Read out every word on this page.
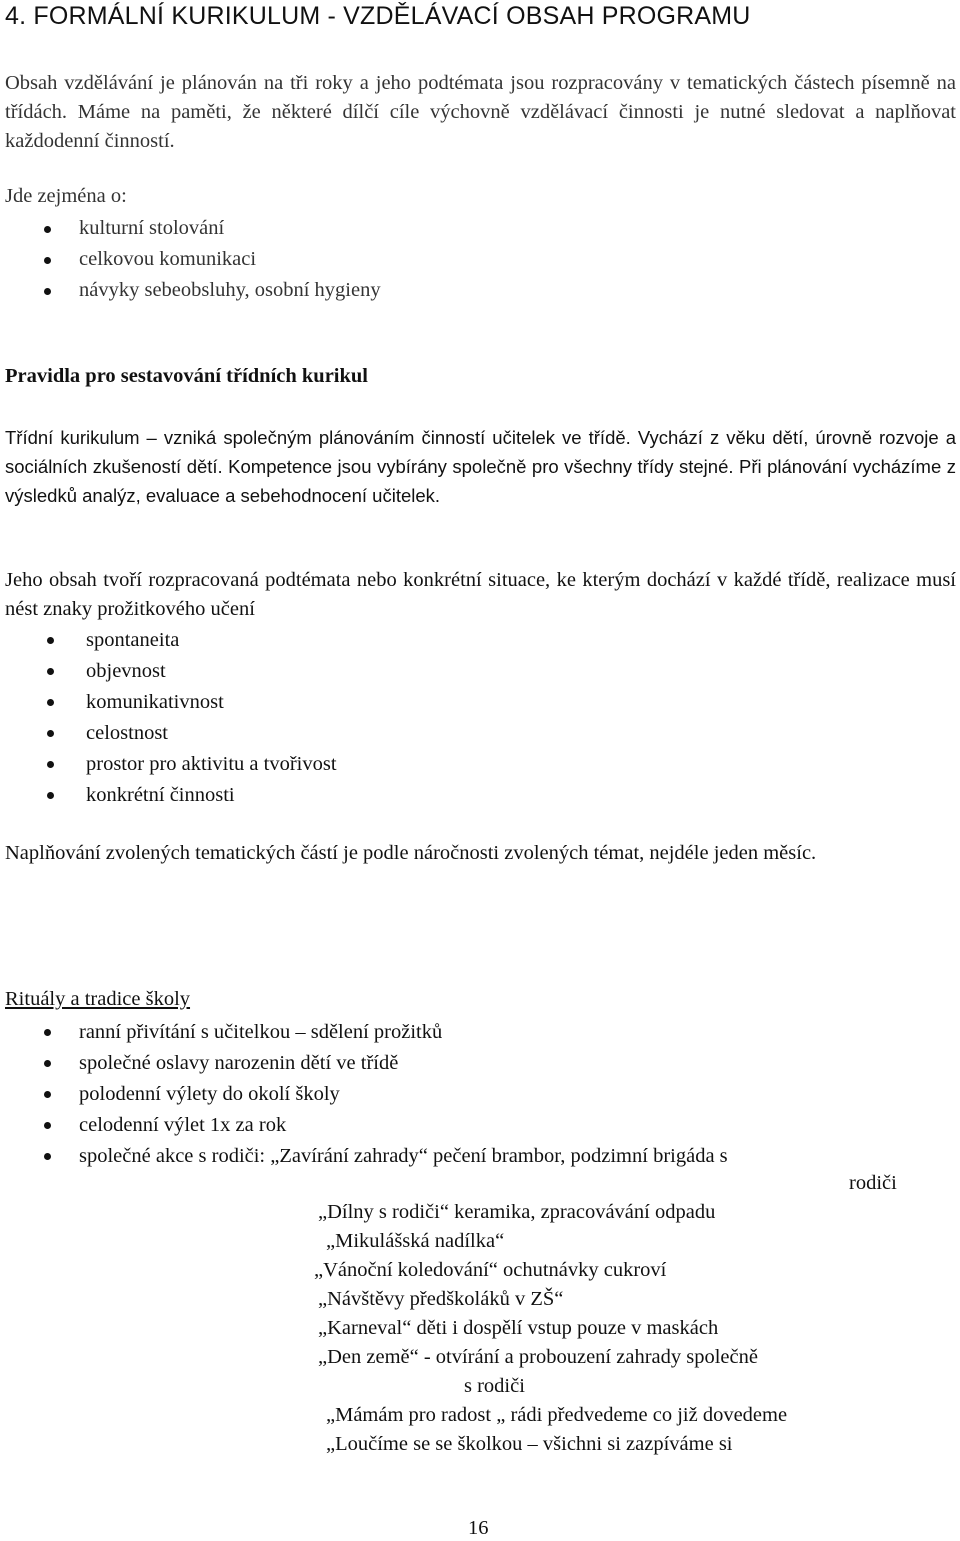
4. FORMÁLNÍ KURIKULUM - VZDĚLÁVACÍ OBSAH PROGRAMU
Obsah vzdělávání je plánován na tři roky a jeho podtémata jsou rozpracovány v tematických částech písemně na třídách. Máme na paměti, že některé dílčí cíle výchovně vzdělávací činnosti je nutné sledovat a naplňovat každodenní činností.
Jde zejména o:
kulturní stolování
celkovou komunikaci
návyky sebeobsluhy, osobní hygieny
Pravidla pro sestavování třídních kurikul
Třídní kurikulum – vzniká společným plánováním činností učitelek ve třídě. Vychází z věku dětí, úrovně rozvoje a sociálních zkušeností dětí. Kompetence jsou vybírány společně pro všechny třídy stejné. Při plánování vycházíme z výsledků analýz, evaluace a sebehodnocení učitelek.
Jeho obsah tvoří rozpracovaná podtémata nebo konkrétní situace, ke kterým dochází v každé třídě, realizace musí nést znaky prožitkového učení
spontaneita
objevnost
komunikativnost
celostnost
prostor pro aktivitu a tvořivost
konkrétní činnosti
Naplňování zvolených tematických částí je podle náročnosti zvolených témat, nejdéle jeden měsíc.
Rituály a tradice školy
ranní přivítání s učitelkou – sdělení prožitků
společné oslavy narozenin dětí ve třídě
polodenní výlety do okolí školy
celodenní výlet 1x za rok
společné akce s rodiči: „Zavírání zahrady“ pečení brambor, podzimní brigáda s
rodiči
„Dílny s rodiči“ keramika, zpracovávání odpadu
„Mikulášská nadílka“
„Vánoční koledování“ ochutnávky cukroví
„Návštěvy předškoláků v ZŠ“
„Karneval“ děti i dospělí vstup pouze v maskách
„Den země“ - otvírání a probouzení zahrady společně
s rodiči
„Mámám pro radost „ rádi předvedeme co již dovedeme
„Loučíme se se školkou – všichni si zazpíváme si
16
